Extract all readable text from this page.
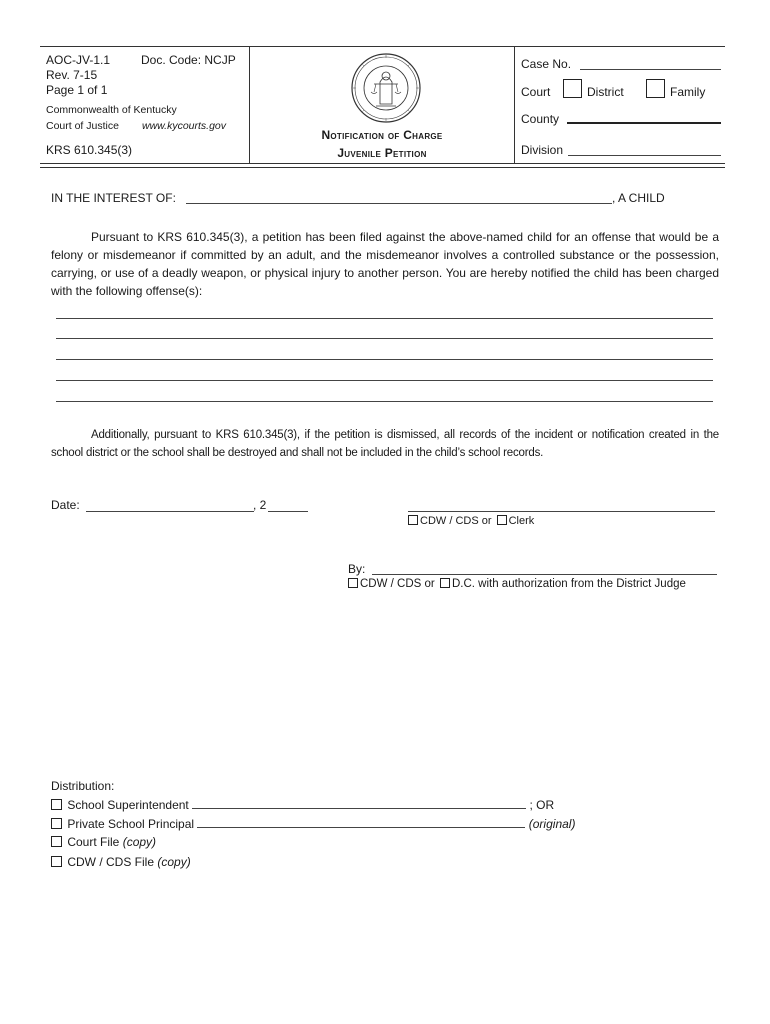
AOC-JV-1.1	Doc. Code: NCJP
Rev. 7-15
Page 1 of 1
Commonwealth of Kentucky
Court of Justice www.kycourts.gov
KRS 610.345(3)
Notification of Charge
Juvenile Petition
Case No.
Court	District	Family
County
Division
IN THE INTEREST OF:	, A CHILD
Pursuant to KRS 610.345(3), a petition has been filed against the above-named child for an offense that would be a felony or misdemeanor if committed by an adult, and the misdemeanor involves a controlled substance or the possession, carrying, or use of a deadly weapon, or physical injury to another person. You are hereby notified the child has been charged with the following offense(s):
Additionally, pursuant to KRS 610.345(3), if the petition is dismissed, all records of the incident or notification created in the school district or the school shall be destroyed and shall not be included in the child’s school records.
Date:	, 2
CDW / CDS or Clerk
By:
CDW / CDS or D.C. with authorization from the District Judge
Distribution:
School Superintendent	; OR
Private School Principal	(original)
Court File (copy)
CDW / CDS File (copy)
